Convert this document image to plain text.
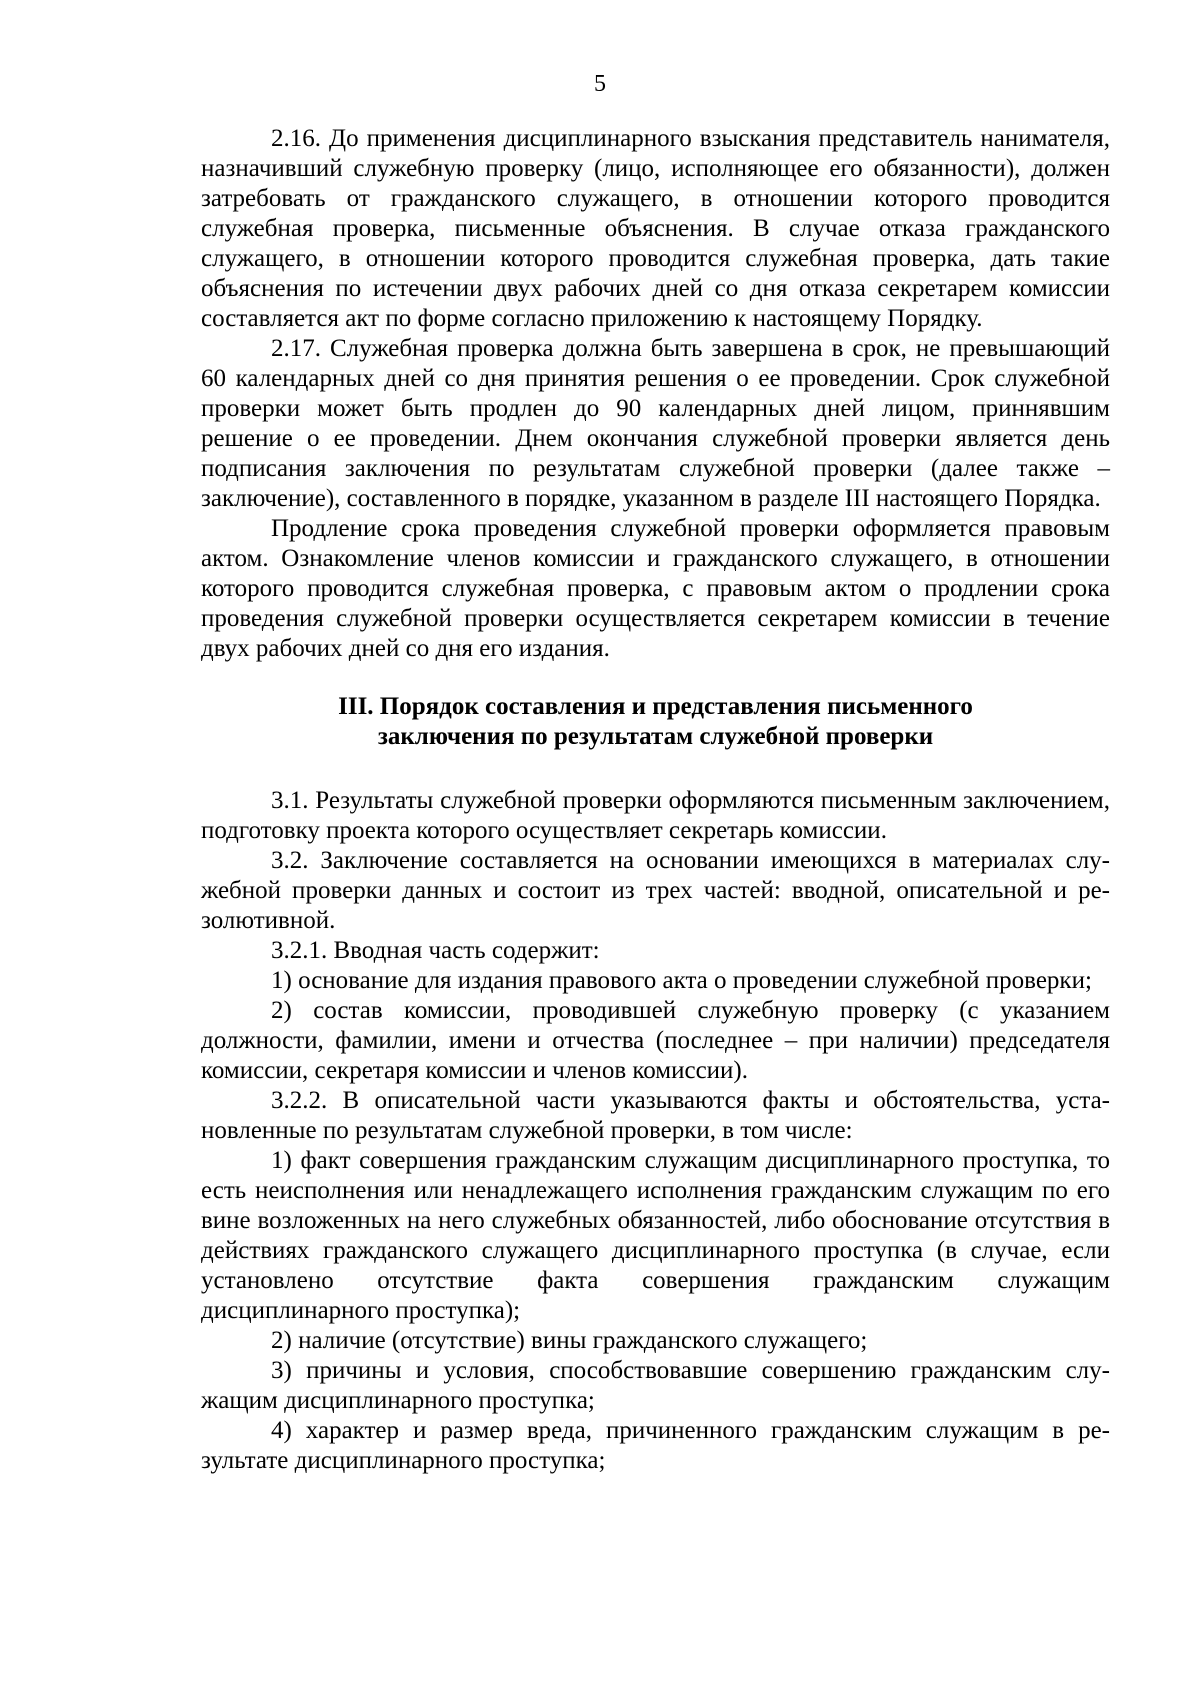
5

2.16. До применения дисциплинарного взыскания представитель нанимателя, назначивший служебную проверку (лицо, исполняющее его обязанности), должен затребовать от гражданского служащего, в отношении которого проводится служебная проверка, письменные объяснения. В случае отказа гражданского служащего, в отношении которого проводится служебная проверка, дать такие объяснения по истечении двух рабочих дней со дня отказа секретарем комиссии составляется акт по форме согласно приложению к настоящему Порядку.

2.17. Служебная проверка должна быть завершена в срок, не превышающий 60 календарных дней со дня принятия решения о ее проведении. Срок служебной проверки может быть продлен до 90 календарных дней лицом, приннявшим решение о ее проведении. Днем окончания служебной проверки является день подписания заключения по результатам служебной проверки (далее также – заключение), составленного в порядке, указанном в разделе III настоящего Порядка.

Продление срока проведения служебной проверки оформляется правовым актом. Ознакомление членов комиссии и гражданского служащего, в отношении которого проводится служебная проверка, с правовым актом о продлении срока проведения служебной проверки осуществляется секретарем комиссии в течение двух рабочих дней со дня его издания.

III. Порядок составления и представления письменного
заключения по результатам служебной проверки

3.1. Результаты служебной проверки оформляются письменным заключением, подготовку проекта которого осуществляет секретарь комиссии.

3.2. Заключение составляется на основании имеющихся в материалах служебной проверки данных и состоит из трех частей: вводной, описательной и резолютивной.

3.2.1. Вводная часть содержит:

1) основание для издания правового акта о проведении служебной проверки;

2) состав комиссии, проводившей служебную проверку (с указанием должности, фамилии, имени и отчества (последнее – при наличии) председателя комиссии, секретаря комиссии и членов комиссии).

3.2.2. В описательной части указываются факты и обстоятельства, установленные по результатам служебной проверки, в том числе:

1) факт совершения гражданским служащим дисциплинарного проступка, то есть неисполнения или ненадлежащего исполнения гражданским служащим по его вине возложенных на него служебных обязанностей, либо обоснование отсутствия в действиях гражданского служащего дисциплинарного проступка (в случае, если установлено отсутствие факта совершения гражданским служащим дисциплинарного проступка);

2) наличие (отсутствие) вины гражданского служащего;

3) причины и условия, способствовавшие совершению гражданским служащим дисциплинарного проступка;

4) характер и размер вреда, причиненного гражданским служащим в результате дисциплинарного проступка;
